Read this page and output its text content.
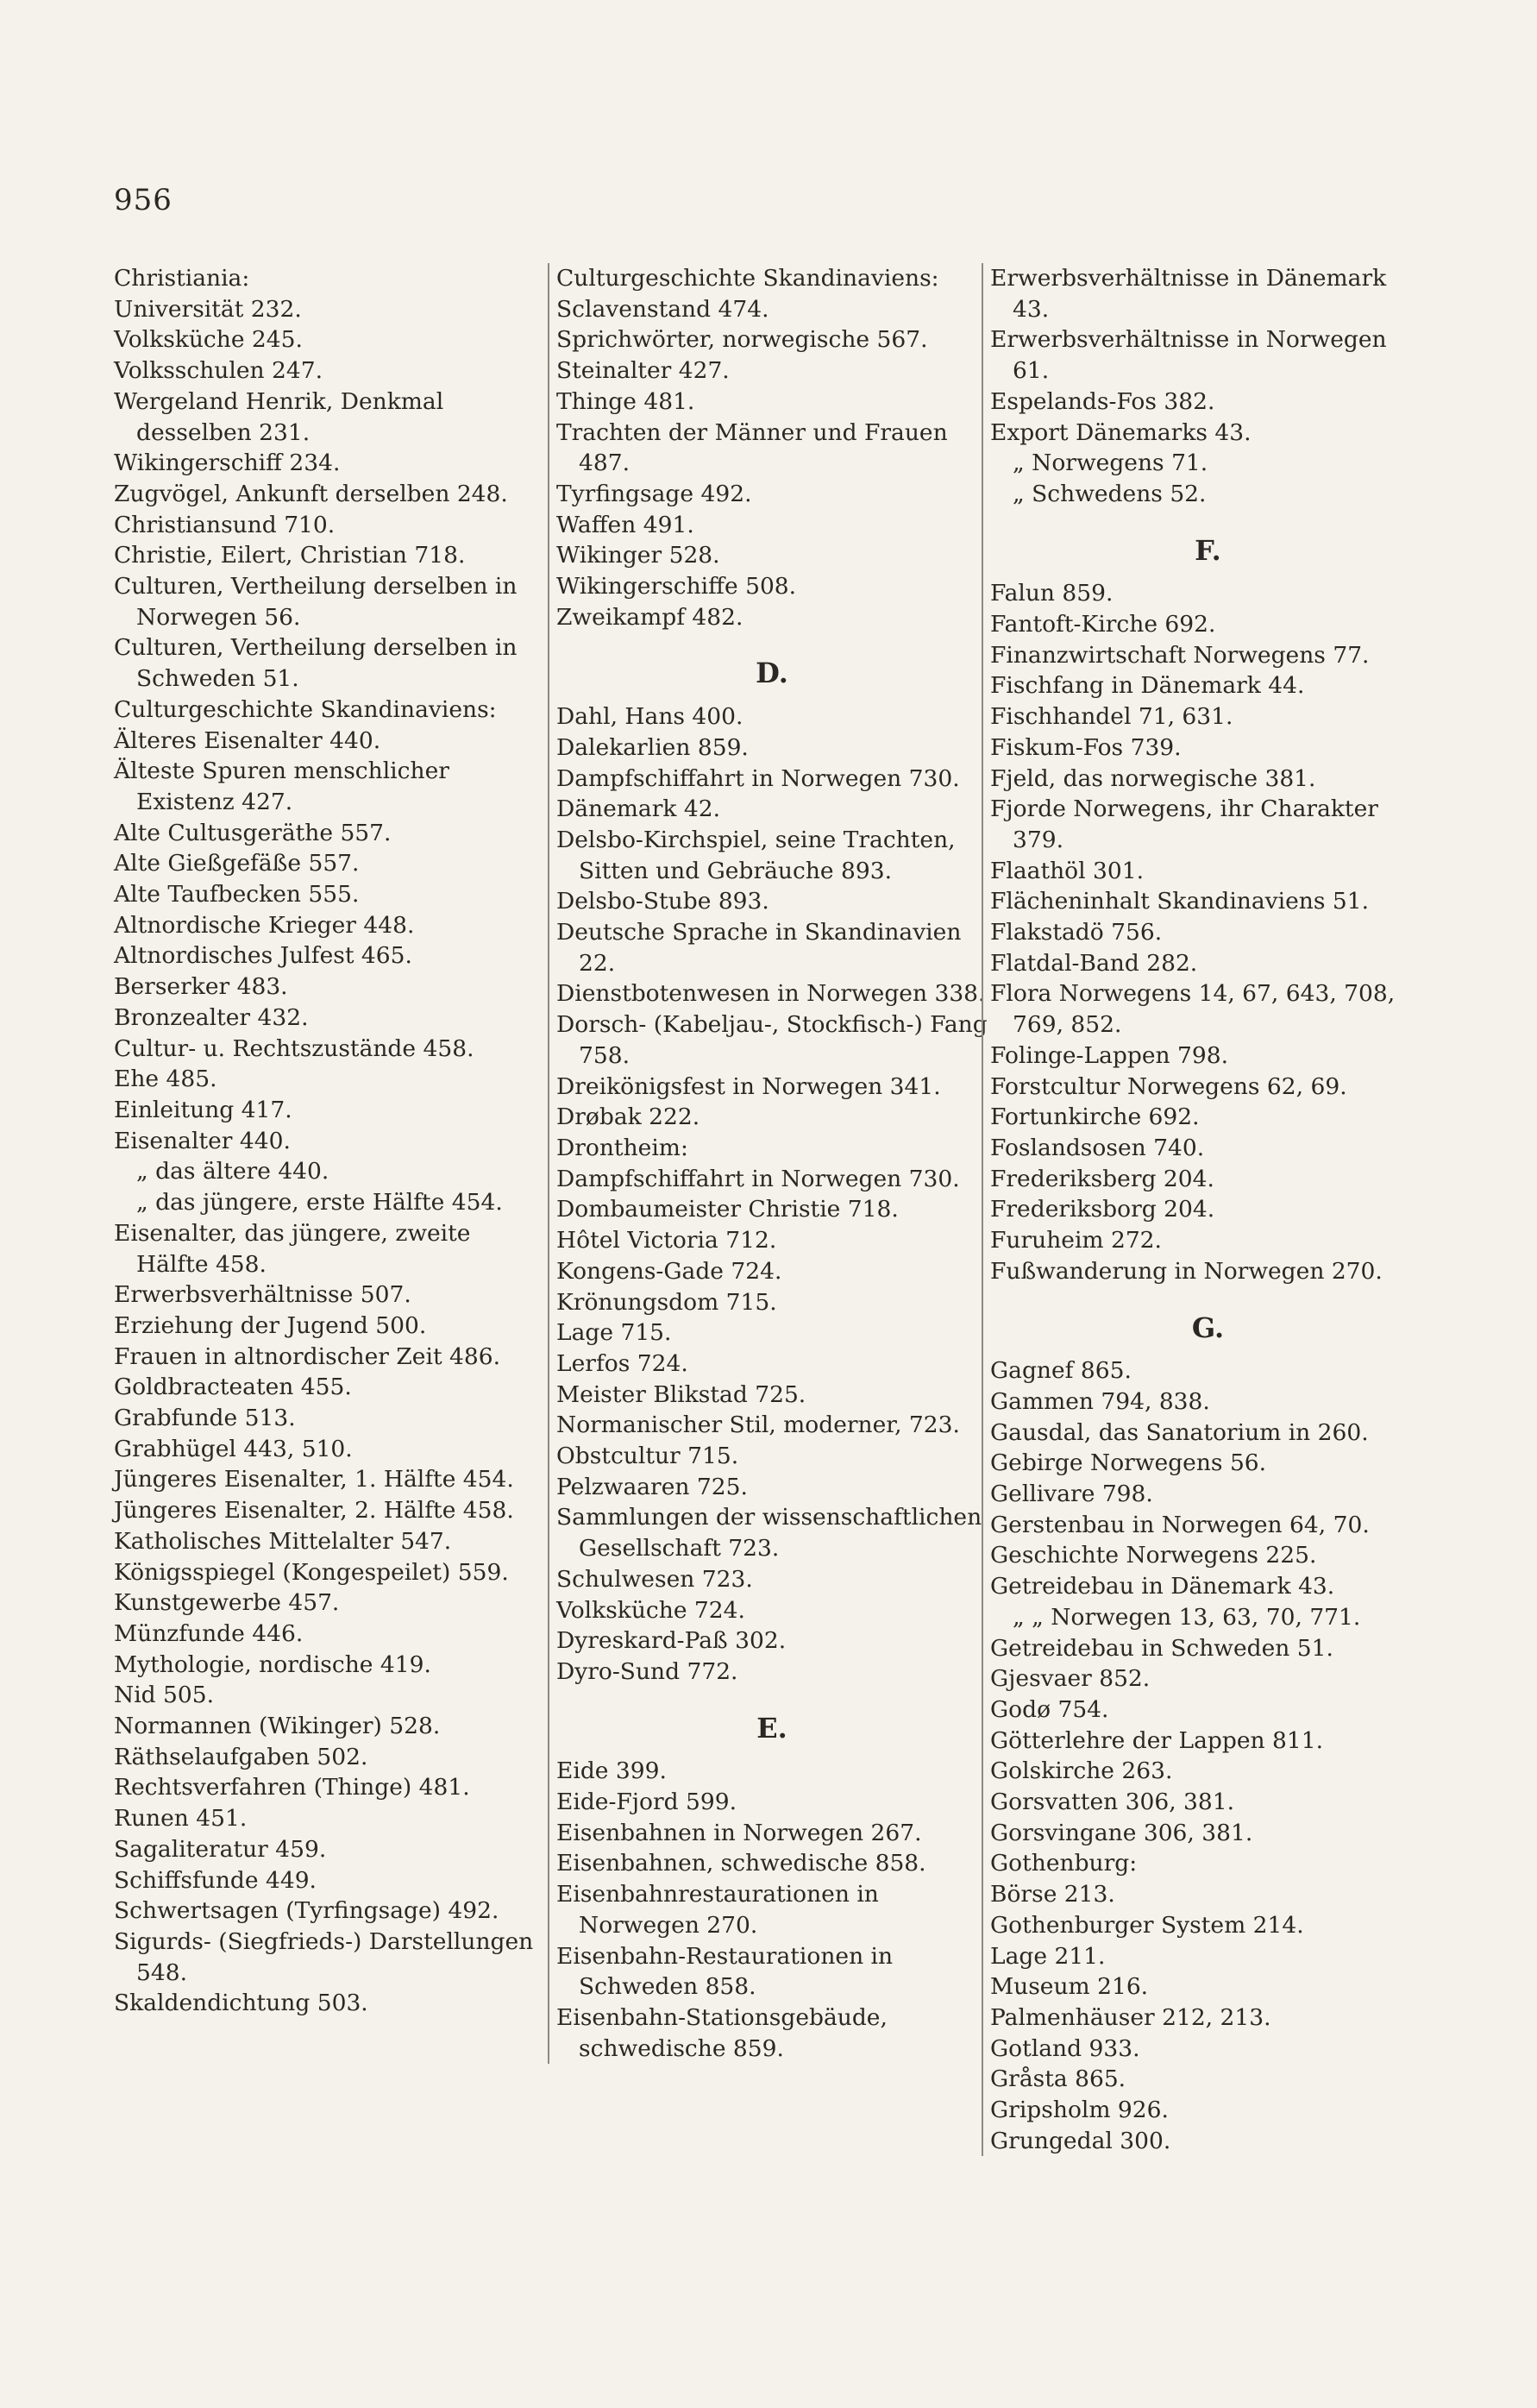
956
Christiania:
Universität 232.
Volksküche 245.
Volksschulen 247.
Wergeland Henrik, Denkmal desselben 231.
Wikingerschiff 234.
Zugvögel, Ankunft derselben 248.
Christiansund 710.
Christie, Eilert, Christian 718.
Culturen, Vertheilung derselben in Norwegen 56.
Culturen, Vertheilung derselben in Schweden 51.
Culturgeschichte Skandinaviens:
Älteres Eisenalter 440.
Älteste Spuren menschlicher Existenz 427.
Alte Cultusgeräthe 557.
Alte Gießgefäße 557.
Alte Taufbecken 555.
Altnordische Krieger 448.
Altnordisches Julfest 465.
Berserker 483.
Bronzealter 432.
Cultur- u. Rechtszustände 458.
Ehe 485.
Einleitung 417.
Eisenalter 440.
„ das ältere 440.
„ das jüngere, erste Hälfte 454.
Eisenalter, das jüngere, zweite Hälfte 458.
Erwerbsverhältnisse 507.
Erziehung der Jugend 500.
Frauen in altnordischer Zeit 486.
Goldbracteaten 455.
Grabfunde 513.
Grabhügel 443, 510.
Jüngeres Eisenalter, 1. Hälfte 454.
Jüngeres Eisenalter, 2. Hälfte 458.
Katholisches Mittelalter 547.
Königsspiegel (Kongespeilet) 559.
Kunstgewerbe 457.
Münzfunde 446.
Mythologie, nordische 419.
Nid 505.
Normannen (Wikinger) 528.
Räthselaufgaben 502.
Rechtsverfahren (Thinge) 481.
Runen 451.
Sagaliteratur 459.
Schiffsfunde 449.
Schwertsagen (Tyrfingsage) 492.
Sigurds- (Siegfrieds-) Darstellungen 548.
Skaldendichtung 503.
Culturgeschichte Skandinaviens:
Sclavenstand 474.
Sprichwörter, norwegische 567.
Steinalter 427.
Thinge 481.
Trachten der Männer und Frauen 487.
Tyrfingsage 492.
Waffen 491.
Wikinger 528.
Wikingerschiffe 508.
Zweikampf 482.
D.
Dahl, Hans 400.
Dalekarlien 859.
Dampfschiffahrt in Norwegen 730.
Dänemark 42.
Delsbo-Kirchspiel, seine Trachten, Sitten und Gebräuche 893.
Delsbo-Stube 893.
Deutsche Sprache in Skandinavien 22.
Dienstbotenwesen in Norwegen 338.
Dorsch- (Kabeljau-, Stockfisch-) Fang 758.
Dreikönigsfest in Norwegen 341.
Drøbak 222.
Drontheim:
Dampfschiffahrt in Norwegen 730.
Dombaumeister Christie 718.
Hôtel Victoria 712.
Kongens-Gade 724.
Krönungsdom 715.
Lage 715.
Lerfos 724.
Meister Blikstad 725.
Normanischer Stil, moderner, 723.
Obstcultur 715.
Pelzwaaren 725.
Sammlungen der wissenschaftlichen Gesellschaft 723.
Schulwesen 723.
Volksküche 724.
Dyreskard-Paß 302.
Dyro-Sund 772.
E.
Eide 399.
Eide-Fjord 599.
Eisenbahnen in Norwegen 267.
Eisenbahnen, schwedische 858.
Eisenbahnrestaurationen in Norwegen 270.
Eisenbahn-Restaurationen in Schweden 858.
Eisenbahn-Stationsgebäude, schwedische 859.
Erwerbsverhältnisse in Dänemark 43.
Erwerbsverhältnisse in Norwegen 61.
Espelands-Fos 382.
Export Dänemarks 43.
„ Norwegens 71.
„ Schwedens 52.
F.
Falun 859.
Fantoft-Kirche 692.
Finanzwirtschaft Norwegens 77.
Fischfang in Dänemark 44.
Fischhandel 71, 631.
Fiskum-Fos 739.
Fjeld, das norwegische 381.
Fjorde Norwegens, ihr Charakter 379.
Flaathöl 301.
Flächeninhalt Skandinaviens 51.
Flakstadö 756.
Flatdal-Band 282.
Flora Norwegens 14, 67, 643, 708, 769, 852.
Folinge-Lappen 798.
Forstcultur Norwegens 62, 69.
Fortunkirche 692.
Foslandsosen 740.
Frederiksberg 204.
Frederiksborg 204.
Furuheim 272.
Fußwanderung in Norwegen 270.
G.
Gagnef 865.
Gammen 794, 838.
Gausdal, das Sanatorium in 260.
Gebirge Norwegens 56.
Gellivare 798.
Gerstenbau in Norwegen 64, 70.
Geschichte Norwegens 225.
Getreidebau in Dänemark 43.
„ „ Norwegen 13, 63, 70, 771.
Getreidebau in Schweden 51.
Gjesvaer 852.
Godø 754.
Götterlehre der Lappen 811.
Golskirche 263.
Gorsvatten 306, 381.
Gorsvingane 306, 381.
Gothenburg:
Börse 213.
Gothenburger System 214.
Lage 211.
Museum 216.
Palmenhäuser 212, 213.
Gotland 933.
Gråsta 865.
Gripsholm 926.
Grungedal 300.
